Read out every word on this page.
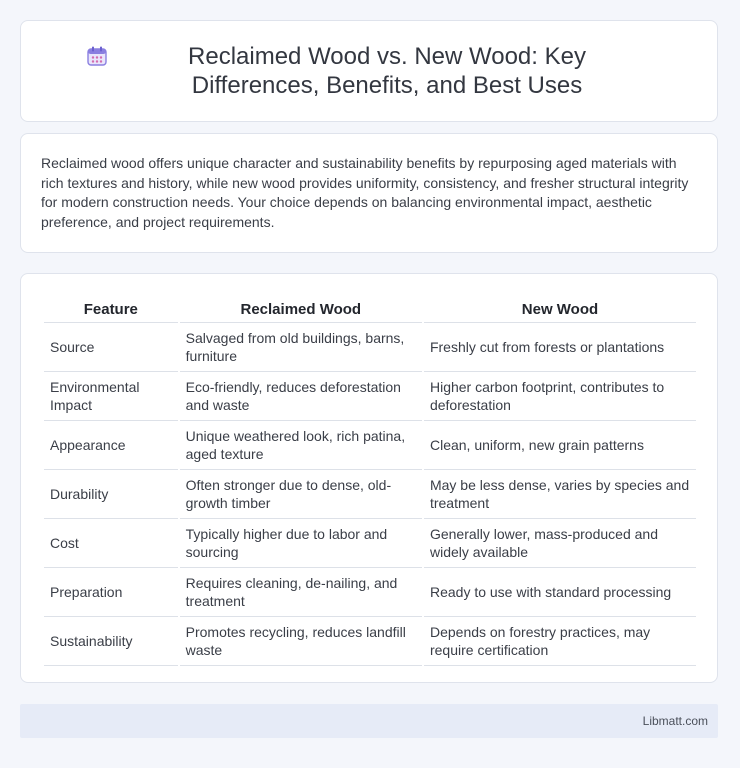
Reclaimed Wood vs. New Wood: Key Differences, Benefits, and Best Uses

Reclaimed wood offers unique character and sustainability benefits by repurposing aged materials with rich textures and history, while new wood provides uniformity, consistency, and fresher structural integrity for modern construction needs. Your choice depends on balancing environmental impact, aesthetic preference, and project requirements.

Feature	Reclaimed Wood	New Wood
Source	Salvaged from old buildings, barns, furniture	Freshly cut from forests or plantations
Environmental Impact	Eco-friendly, reduces deforestation and waste	Higher carbon footprint, contributes to deforestation
Appearance	Unique weathered look, rich patina, aged texture	Clean, uniform, new grain patterns
Durability	Often stronger due to dense, old-growth timber	May be less dense, varies by species and treatment
Cost	Typically higher due to labor and sourcing	Generally lower, mass-produced and widely available
Preparation	Requires cleaning, de-nailing, and treatment	Ready to use with standard processing
Sustainability	Promotes recycling, reduces landfill waste	Depends on forestry practices, may require certification
Libmatt.com
